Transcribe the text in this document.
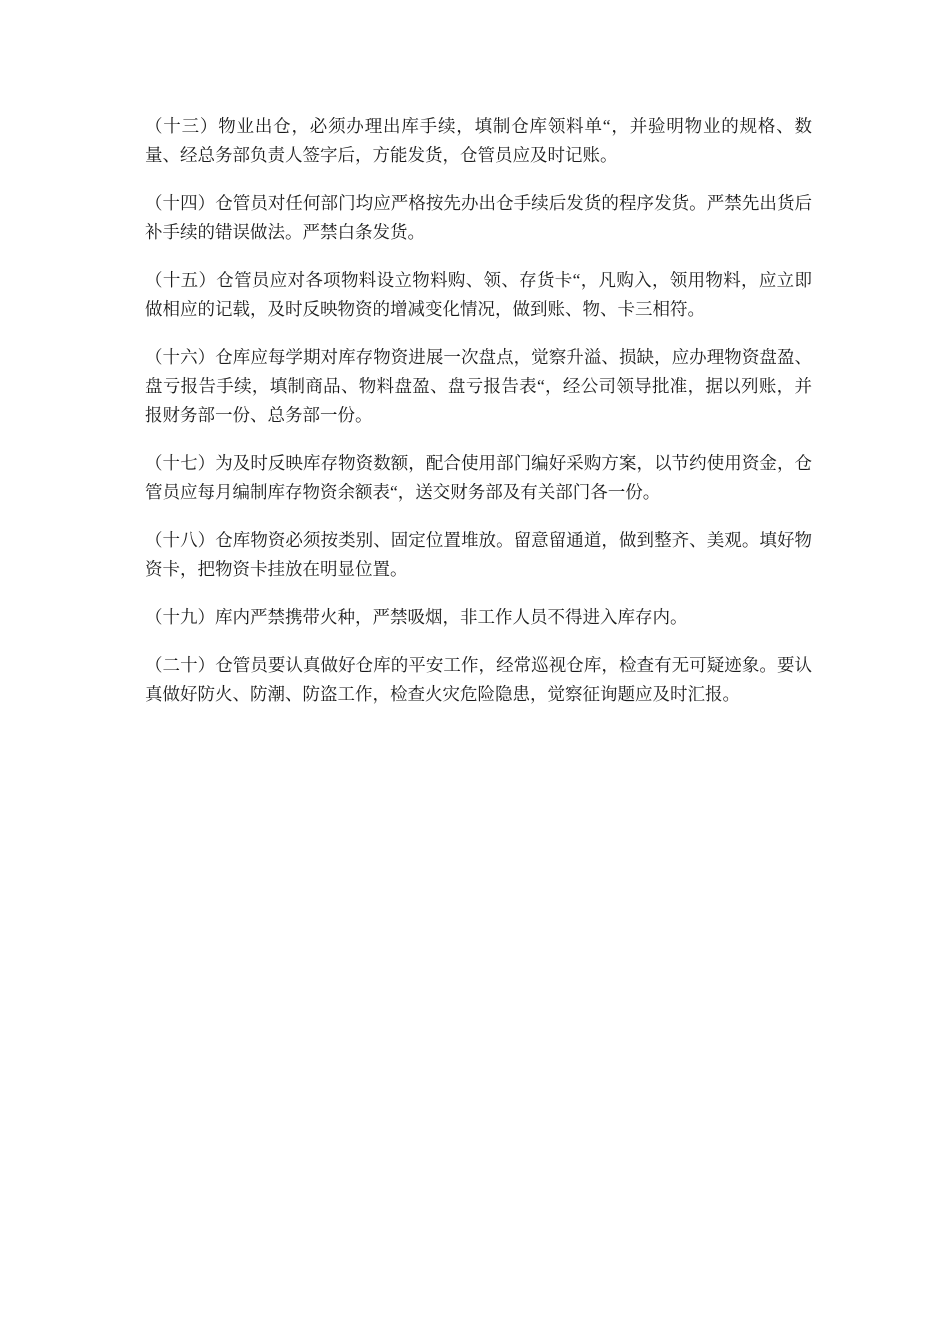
（十三）物业出仓，必须办理出库手续，填制仓库领料单“，并验明物业的规格、数量、经总务部负责人签字后，方能发货，仓管员应及时记账。

（十四）仓管员对任何部门均应严格按先办出仓手续后发货的程序发货。严禁先出货后补手续的错误做法。严禁白条发货。

（十五）仓管员应对各项物料设立物料购、领、存货卡“，凡购入，领用物料，应立即做相应的记载，及时反映物资的增减变化情况，做到账、物、卡三相符。

（十六）仓库应每学期对库存物资进展一次盘点，觉察升溢、损缺，应办理物资盘盈、盘亏报告手续，填制商品、物料盘盈、盘亏报告表“，经公司领导批准，据以列账，并报财务部一份、总务部一份。

（十七）为及时反映库存物资数额，配合使用部门编好采购方案，以节约使用资金，仓管员应每月编制库存物资余额表“，送交财务部及有关部门各一份。

（十八）仓库物资必须按类别、固定位置堆放。留意留通道，做到整齐、美观。填好物资卡，把物资卡挂放在明显位置。

（十九）库内严禁携带火种，严禁吸烟，非工作人员不得进入库存内。

（二十）仓管员要认真做好仓库的平安工作，经常巡视仓库，检查有无可疑迹象。要认真做好防火、防潮、防盗工作，检查火灾危险隐患，觉察征询题应及时汇报。
